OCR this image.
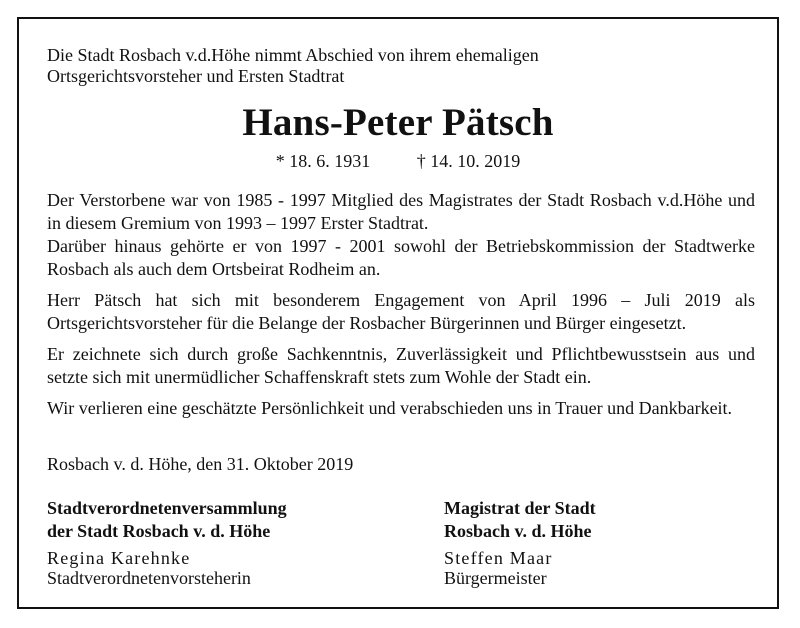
Die Stadt Rosbach v.d.Höhe nimmt Abschied von ihrem ehemaligen
Ortsgerichtsvorsteher und Ersten Stadtrat
Hans-Peter Pätsch
* 18. 6. 1931	† 14. 10. 2019

Der Verstorbene war von 1985 - 1997 Mitglied des Magistrates der Stadt Rosbach v.d.Höhe und in diesem Gremium von 1993 – 1997 Erster Stadtrat.

Darüber hinaus gehörte er von 1997 - 2001 sowohl der Betriebskommission der Stadtwerke Rosbach als auch dem Ortsbeirat Rodheim an.

Herr Pätsch hat sich mit besonderem Engagement von April 1996 – Juli 2019 als Ortsgerichtsvorsteher für die Belange der Rosbacher Bürgerinnen und Bürger eingesetzt.

Er zeichnete sich durch große Sachkenntnis, Zuverlässigkeit und Pflichtbewusstsein aus und setzte sich mit unermüdlicher Schaffenskraft stets zum Wohle der Stadt ein.

Wir verlieren eine geschätzte Persönlichkeit und verabschieden uns in Trauer und Dankbarkeit.

Rosbach v. d. Höhe, den 31. Oktober 2019
Stadtverordnetenversammlung
der Stadt Rosbach v. d. Höhe
Regina Karehnke
Stadtverordnetenvorsteherin
Magistrat der Stadt
Rosbach v. d. Höhe
Steffen Maar
Bürgermeister
